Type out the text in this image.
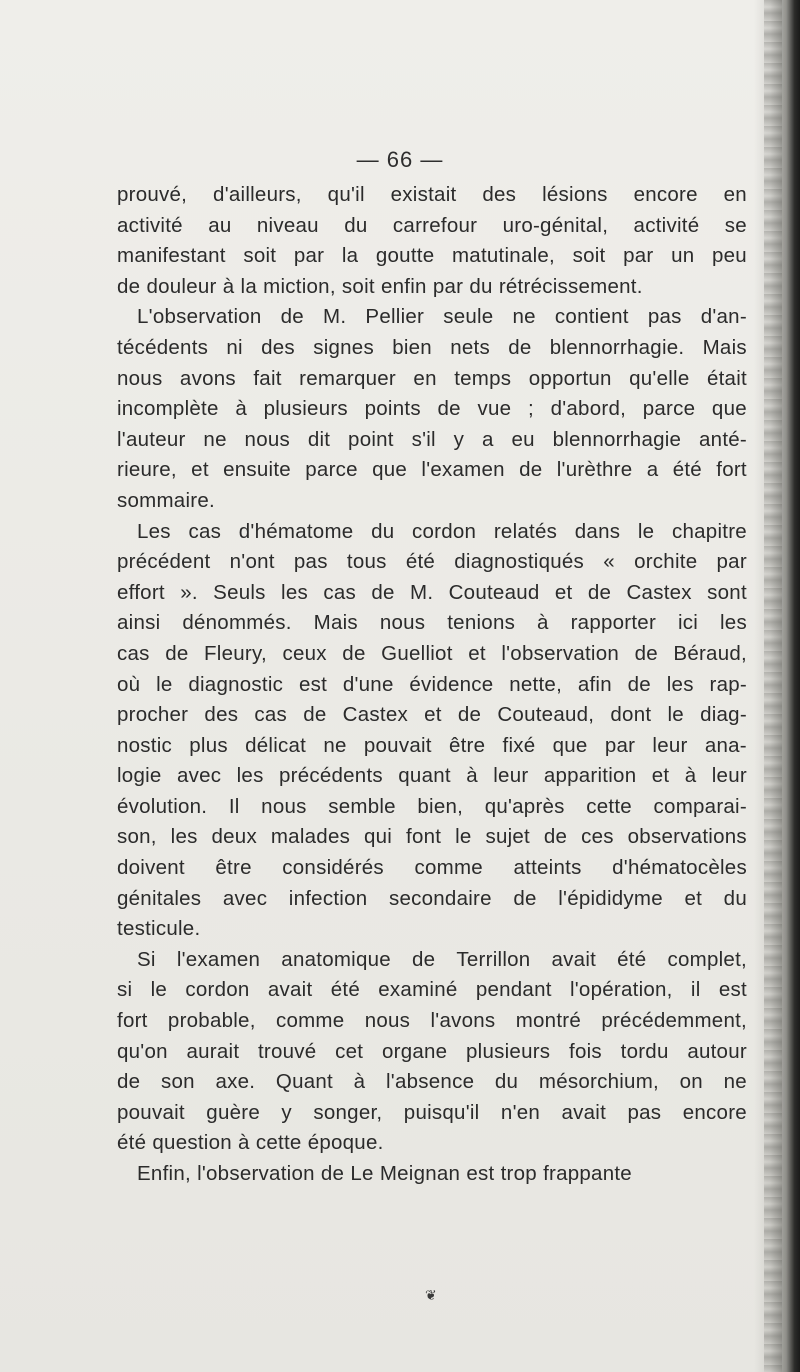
— 66 —
prouvé, d'ailleurs, qu'il existait des lésions encore en
activité au niveau du carrefour uro-génital, activité se
manifestant soit par la goutte matutinale, soit par un peu
de douleur à la miction, soit enfin par du rétrécissement.
L'observation de M. Pellier seule ne contient pas d'an-
técédents ni des signes bien nets de blennorrhagie. Mais
nous avons fait remarquer en temps opportun qu'elle était
incomplète à plusieurs points de vue ; d'abord, parce que
l'auteur ne nous dit point s'il y a eu blennorrhagie anté-
rieure, et ensuite parce que l'examen de l'urèthre a été fort
sommaire.
Les cas d'hématome du cordon relatés dans le chapitre
précédent n'ont pas tous été diagnostiqués « orchite par
effort ». Seuls les cas de M. Couteaud et de Castex sont
ainsi dénommés. Mais nous tenions à rapporter ici les
cas de Fleury, ceux de Guelliot et l'observation de Béraud,
où le diagnostic est d'une évidence nette, afin de les rap-
procher des cas de Castex et de Couteaud, dont le diag-
nostic plus délicat ne pouvait être fixé que par leur ana-
logie avec les précédents quant à leur apparition et à leur
évolution. Il nous semble bien, qu'après cette comparai-
son, les deux malades qui font le sujet de ces observations
doivent être considérés comme atteints d'hématocèles
génitales avec infection secondaire de l'épididyme et du
testicule.
Si l'examen anatomique de Terrillon avait été complet,
si le cordon avait été examiné pendant l'opération, il est
fort probable, comme nous l'avons montré précédemment,
qu'on aurait trouvé cet organe plusieurs fois tordu autour
de son axe. Quant à l'absence du mésorchium, on ne
pouvait guère y songer, puisqu'il n'en avait pas encore
été question à cette époque.
Enfin, l'observation de Le Meignan est trop frappante
❦
